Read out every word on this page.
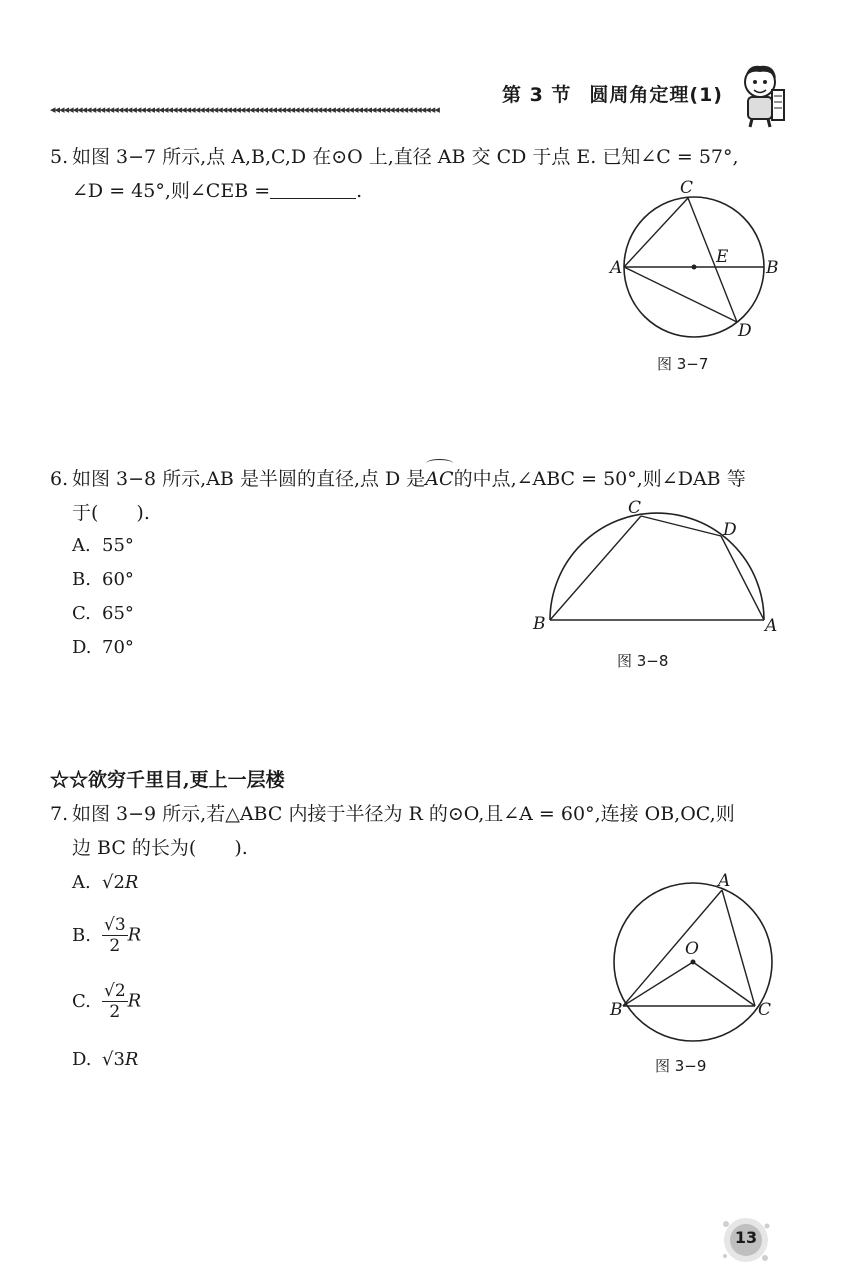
第 3 节 圆周角定理(1)
◂◂◂◂◂◂◂◂◂◂◂◂◂◂◂◂◂◂◂◂◂◂◂◂◂◂◂◂◂◂◂◂◂◂◂◂◂◂◂◂◂◂◂◂◂◂◂◂◂◂◂◂◂◂◂◂◂◂◂◂◂◂◂◂◂◂◂◂◂◂◂◂◂◂◂◂◂◂◂◂◂◂◂◂◂◂
5. 如图 3−7 所示,点 A,B,C,D 在⊙O 上,直径 AB 交 CD 于点 E. 已知∠C = 57°,
∠D = 45°,则∠CEB =	.	C
A	B
E
D
图 3−7
6. 如图 3−8 所示,AB 是半圆的直径,点 D 是AC的中点,∠ABC = 50°,则∠DAB 等
于(　　).
A. 55°
B. 60°
C. 65°
D. 70°
C
D
B	A
图 3−8
☆☆欲穷千里目,更上一层楼
7. 如图 3−9 所示,若△ABC 内接于半径为 R 的⊙O,且∠A = 60°,连接 OB,OC,则
边 BC 的长为(　　).
A. √2R
B. $\frac{√3}{2}$ R
C. $\frac{√2}{2}$ R
D. √3R
A
O
B	C
图 3−9
13
